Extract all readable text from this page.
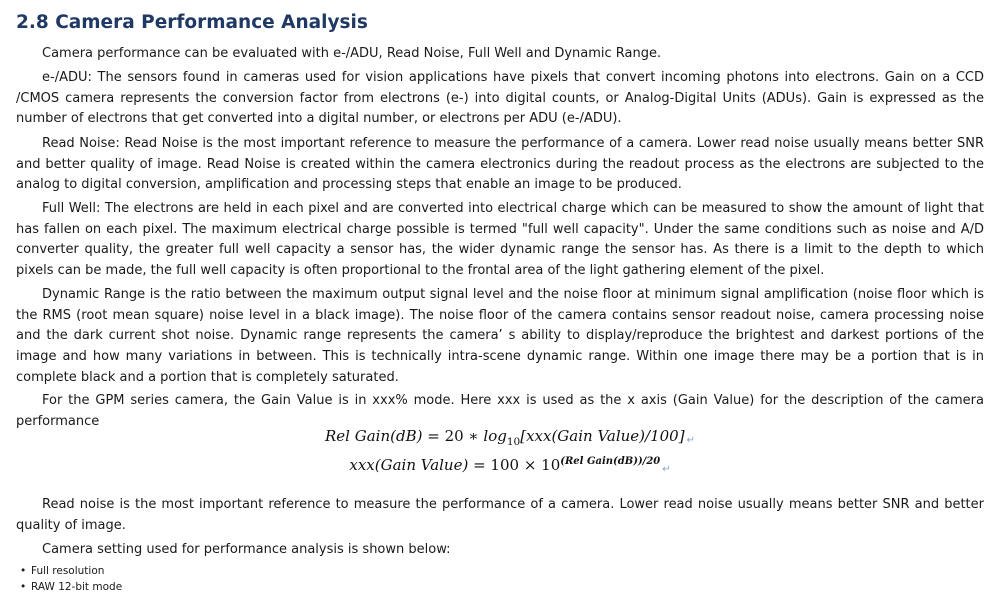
2.8 Camera Performance Analysis

Camera performance can be evaluated with e-/ADU, Read Noise, Full Well and Dynamic Range.

e-/ADU: The sensors found in cameras used for vision applications have pixels that convert incoming photons into electrons. Gain on a CCD /CMOS camera represents the conversion factor from electrons (e-) into digital counts, or Analog-Digital Units (ADUs). Gain is expressed as the number of electrons that get converted into a digital number, or electrons per ADU (e-/ADU).

Read Noise: Read Noise is the most important reference to measure the performance of a camera. Lower read noise usually means better SNR and better quality of image. Read Noise is created within the camera electronics during the readout process as the electrons are subjected to the analog to digital conversion, amplification and processing steps that enable an image to be produced.

Full Well: The electrons are held in each pixel and are converted into electrical charge which can be measured to show the amount of light that has fallen on each pixel. The maximum electrical charge possible is termed "full well capacity". Under the same conditions such as noise and A/D converter quality, the greater full well capacity a sensor has, the wider dynamic range the sensor has. As there is a limit to the depth to which pixels can be made, the full well capacity is often proportional to the frontal area of the light gathering element of the pixel.

Dynamic Range is the ratio between the maximum output signal level and the noise floor at minimum signal amplification (noise floor which is the RMS (root mean square) noise level in a black image). The noise floor of the camera contains sensor readout noise, camera processing noise and the dark current shot noise. Dynamic range represents the camera’ s ability to display/reproduce the brightest and darkest portions of the image and how many variations in between. This is technically intra-scene dynamic range. Within one image there may be a portion that is in complete black and a portion that is completely saturated.

For the GPM series camera, the Gain Value is in xxx% mode. Here xxx is used as the x axis (Gain Value) for the description of the camera performance

Rel Gain(dB) = 20 ∗ $\log_{10}[xxx(Gain$ Value)/100] ↵
xxx(Gain Value) = $100 \times 10^{(Rel Gain(dB))/20}↵$

Read noise is the most important reference to measure the performance of a camera. Lower read noise usually means better SNR and better quality of image.

Camera setting used for performance analysis is shown below:

• Full resolution
• RAW 12-bit mode
